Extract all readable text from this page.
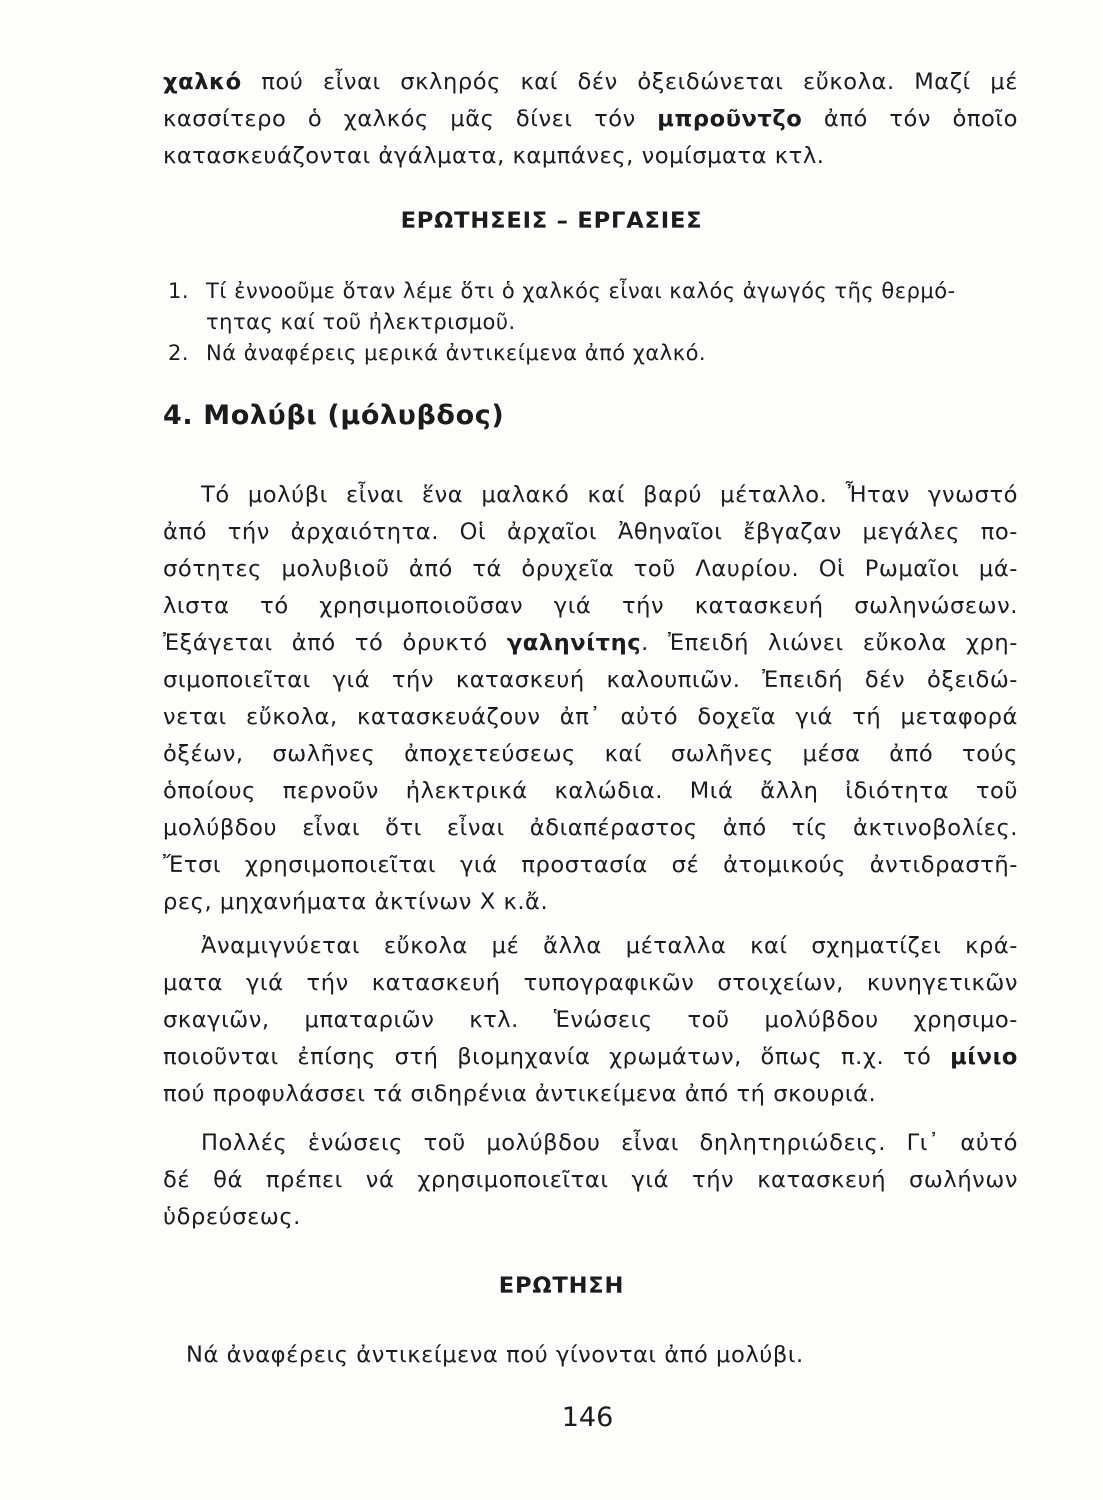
χαλκό πού εἶναι σκληρός καί δέν ὀξειδώνεται εὔκολα. Μαζί μέ
κασσίτερο ὁ χαλκός μᾶς δίνει τόν μπροῦντζο ἀπό τόν ὁποῖο
κατασκευάζονται ἀγάλματα, καμπάνες, νομίσματα κτλ.

ΕΡΩΤΗΣΕΙΣ – ΕΡΓΑΣΙΕΣ

1. Τί ἐννοοῦμε ὅταν λέμε ὅτι ὁ χαλκός εἶναι καλός ἀγωγός τῆς θερμό-
τητας καί τοῦ ἠλεκτρισμοῦ.
2. Νά ἀναφέρεις μερικά ἀντικείμενα ἀπό χαλκό.

4. Μολύβι (μόλυβδος)

Τό μολύβι εἶναι ἕνα μαλακό καί βαρύ μέταλλο. Ἦταν γνωστό
ἀπό τήν ἀρχαιότητα. Οἱ ἀρχαῖοι Ἀθηναῖοι ἔβγαζαν μεγάλες πο-
σότητες μολυβιοῦ ἀπό τά ὀρυχεῖα τοῦ Λαυρίου. Οἱ Ρωμαῖοι μά-
λιστα τό χρησιμοποιοῦσαν γιά τήν κατασκευή σωληνώσεων.
Ἐξάγεται ἀπό τό ὀρυκτό γαληνίτης. Ἐπειδή λιώνει εὔκολα χρη-
σιμοποιεῖται γιά τήν κατασκευή καλουπιῶν. Ἐπειδή δέν ὀξειδώ-
νεται εὔκολα, κατασκευάζουν ἀπ᾽ αὐτό δοχεῖα γιά τή μεταφορά
ὀξέων, σωλῆνες ἀποχετεύσεως καί σωλῆνες μέσα ἀπό τούς
ὁποίους περνοῦν ἠλεκτρικά καλώδια. Μιά ἄλλη ἰδιότητα τοῦ
μολύβδου εἶναι ὅτι εἶναι ἀδιαπέραστος ἀπό τίς ἀκτινοβολίες.
Ἔτσι χρησιμοποιεῖται γιά προστασία σέ ἀτομικούς ἀντιδραστῆ-
ρες, μηχανήματα ἀκτίνων Χ κ.ἄ.
Ἀναμιγνύεται εὔκολα μέ ἄλλα μέταλλα καί σχηματίζει κρά-
ματα γιά τήν κατασκευή τυπογραφικῶν στοιχείων, κυνηγετικῶν
σκαγιῶν, μπαταριῶν κτλ. Ἑνώσεις τοῦ μολύβδου χρησιμο-
ποιοῦνται ἐπίσης στή βιομηχανία χρωμάτων, ὅπως π.χ. τό μίνιο
πού προφυλάσσει τά σιδηρένια ἀντικείμενα ἀπό τή σκουριά.
Πολλές ἑνώσεις τοῦ μολύβδου εἶναι δηλητηριώδεις. Γι᾽ αὐτό
δέ θά πρέπει νά χρησιμοποιεῖται γιά τήν κατασκευή σωλήνων
ὑδρεύσεως.

ΕΡΩΤΗΣΗ

Νά ἀναφέρεις ἀντικείμενα πού γίνονται ἀπό μολύβι.

146
